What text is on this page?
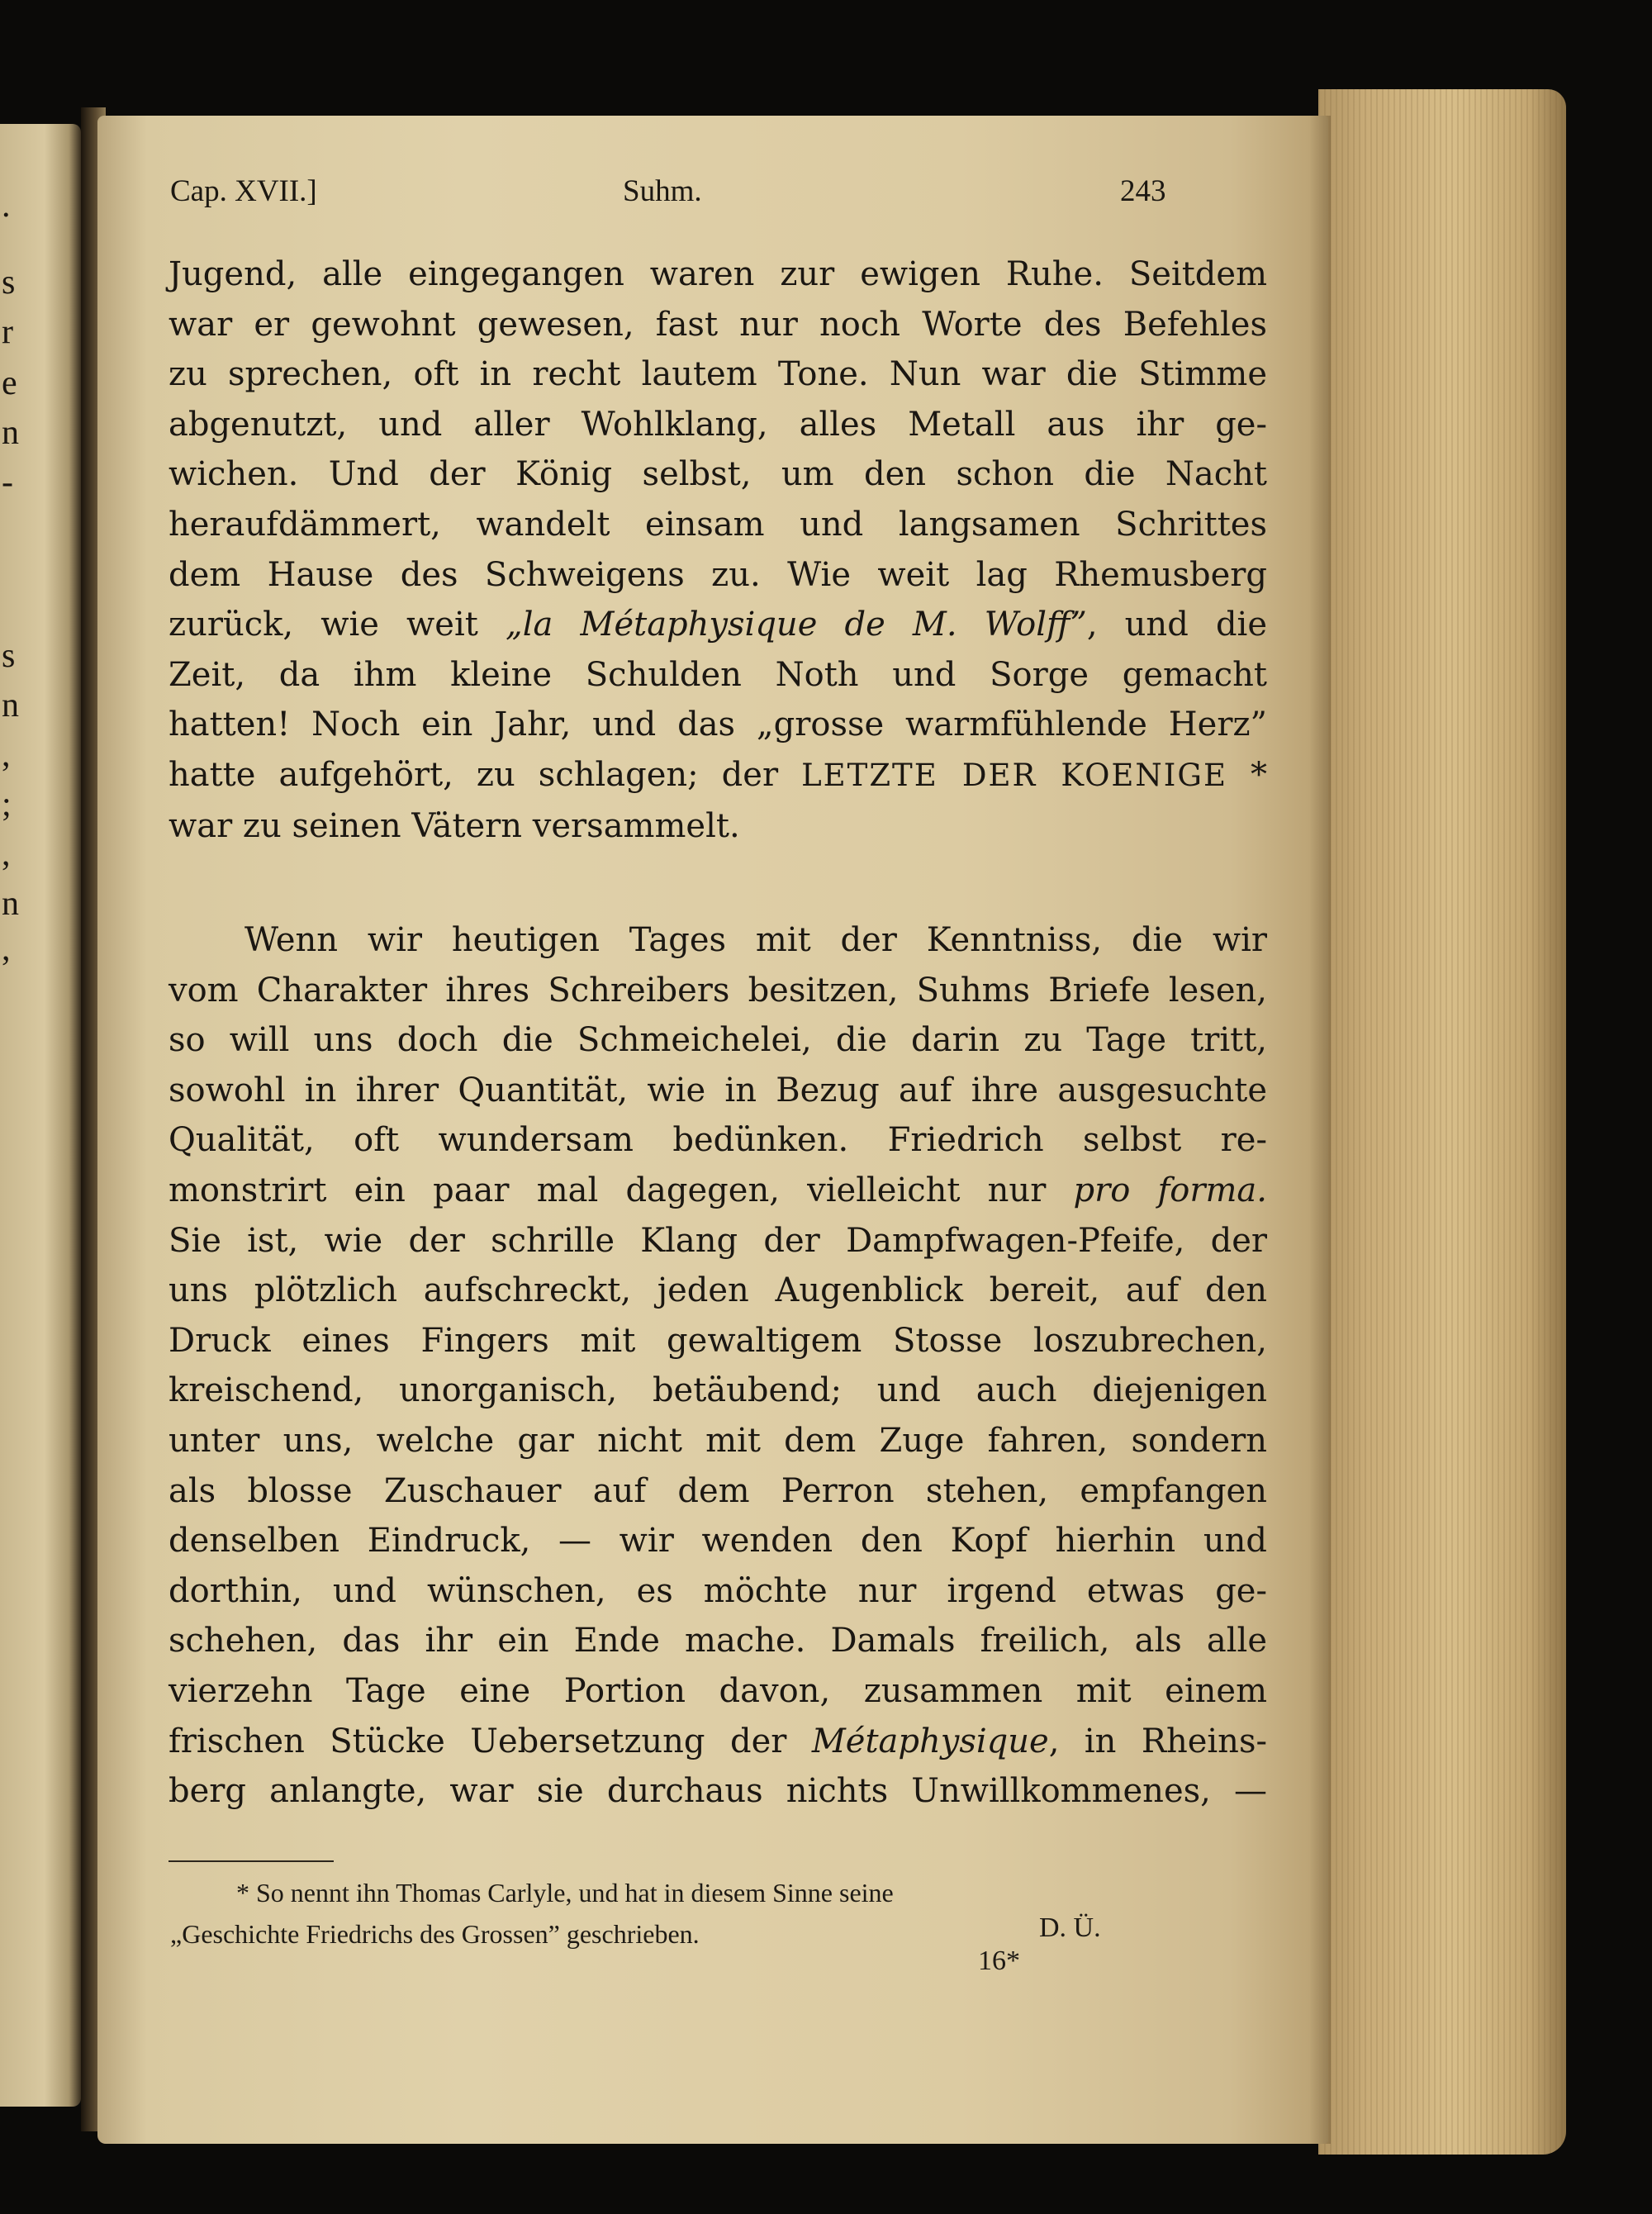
.
s
r
e
n
-
s
n
,
;
,
n
,
Cap. XVII.]	Suhm.	243
Jugend, alle eingegangen waren zur ewigen Ruhe. Seitdem
war er gewohnt gewesen, fast nur noch Worte des Befehles
zu sprechen, oft in recht lautem Tone. Nun war die Stimme
abgenutzt, und aller Wohlklang, alles Metall aus ihr ge-
wichen. Und der König selbst, um den schon die Nacht
heraufdämmert, wandelt einsam und langsamen Schrittes
dem Hause des Schweigens zu. Wie weit lag Rhemusberg
zurück, wie weit „la Métaphysique de M. Wolff”, und die
Zeit, da ihm kleine Schulden Noth und Sorge gemacht
hatten! Noch ein Jahr, und das „grosse warmfühlende Herz”
hatte aufgehört, zu schlagen; der LETZTE DER KOENIGE *
war zu seinen Vätern versammelt.
Wenn wir heutigen Tages mit der Kenntniss, die wir
vom Charakter ihres Schreibers besitzen, Suhms Briefe lesen,
so will uns doch die Schmeichelei, die darin zu Tage tritt,
sowohl in ihrer Quantität, wie in Bezug auf ihre ausgesuchte
Qualität, oft wundersam bedünken. Friedrich selbst re-
monstrirt ein paar mal dagegen, vielleicht nur pro forma.
Sie ist, wie der schrille Klang der Dampfwagen-Pfeife, der
uns plötzlich aufschreckt, jeden Augenblick bereit, auf den
Druck eines Fingers mit gewaltigem Stosse loszubrechen,
kreischend, unorganisch, betäubend; und auch diejenigen
unter uns, welche gar nicht mit dem Zuge fahren, sondern
als blosse Zuschauer auf dem Perron stehen, empfangen
denselben Eindruck, — wir wenden den Kopf hierhin und
dorthin, und wünschen, es möchte nur irgend etwas ge-
schehen, das ihr ein Ende mache. Damals freilich, als alle
vierzehn Tage eine Portion davon, zusammen mit einem
frischen Stücke Uebersetzung der Métaphysique, in Rheins-
berg anlangte, war sie durchaus nichts Unwillkommenes, —
* So nennt ihn Thomas Carlyle, und hat in diesem Sinne seine
„Geschichte Friedrichs des Grossen” geschrieben.	D. Ü.
16*
